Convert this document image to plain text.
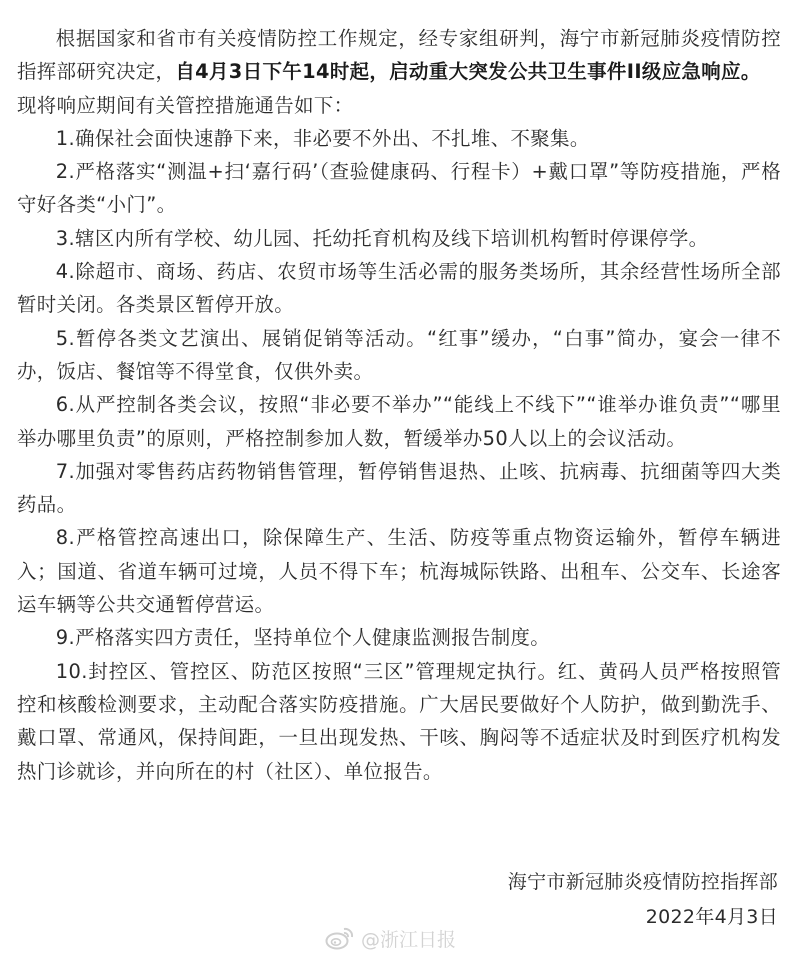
根据国家和省市有关疫情防控工作规定，经专家组研判，海宁市新冠肺炎疫情防控指挥部研究决定，自4月3日下午14时起，启动重大突发公共卫生事件II级应急响应。

现将响应期间有关管控措施通告如下：

1.确保社会面快速静下来，非必要不外出、不扎堆、不聚集。

2.严格落实“测温+扫‘嘉行码’（查验健康码、行程卡）+戴口罩”等防疫措施，严格守好各类“小门”。

3.辖区内所有学校、幼儿园、托幼托育机构及线下培训机构暂时停课停学。

4.除超市、商场、药店、农贸市场等生活必需的服务类场所，其余经营性场所全部暂时关闭。各类景区暂停开放。

5.暂停各类文艺演出、展销促销等活动。“红事”缓办，“白事”简办，宴会一律不办，饭店、餐馆等不得堂食，仅供外卖。

6.从严控制各类会议，按照“非必要不举办”“能线上不线下”“谁举办谁负责”“哪里举办哪里负责”的原则，严格控制参加人数，暂缓举办50人以上的会议活动。

7.加强对零售药店药物销售管理，暂停销售退热、止咳、抗病毒、抗细菌等四大类药品。

8.严格管控高速出口，除保障生产、生活、防疫等重点物资运输外，暂停车辆进入；国道、省道车辆可过境，人员不得下车；杭海城际铁路、出租车、公交车、长途客运车辆等公共交通暂停营运。

9.严格落实四方责任，坚持单位个人健康监测报告制度。

10.封控区、管控区、防范区按照“三区”管理规定执行。红、黄码人员严格按照管控和核酸检测要求，主动配合落实防疫措施。广大居民要做好个人防护，做到勤洗手、戴口罩、常通风，保持间距，一旦出现发热、干咳、胸闷等不适症状及时到医疗机构发热门诊就诊，并向所在的村（社区）、单位报告。

海宁市新冠肺炎疫情防控指挥部
2022年4月3日
@浙江日报
